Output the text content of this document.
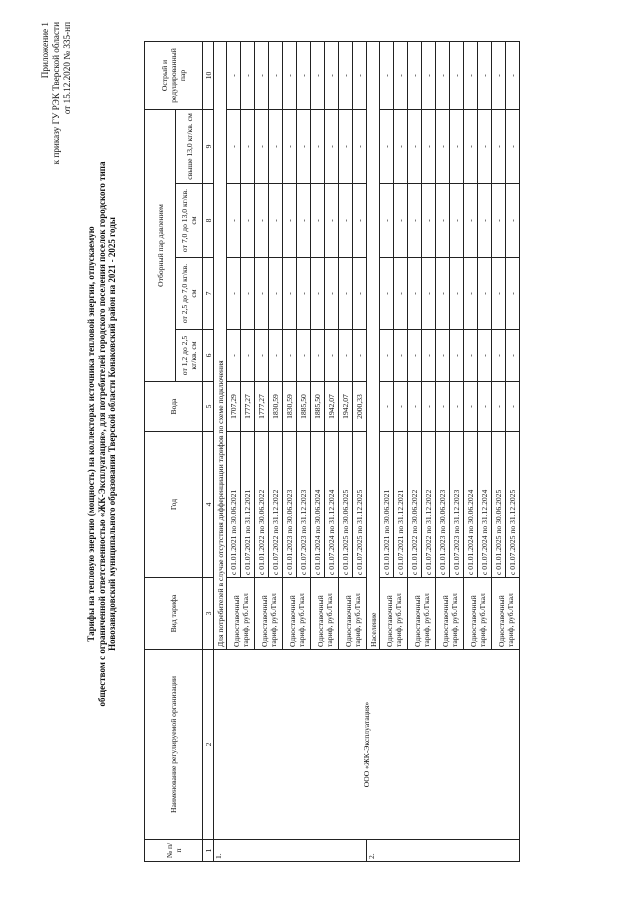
Приложение 1 к приказу ГУ РЭК Тверской области от 15.12.2020 № 335-нп
Тарифы на тепловую энергию (мощность) на коллекторах источника тепловой энергии, отпускаемую обществом с ограниченной ответственностью «ЖК-Эксплуатация», для потребителей городского поселения поселок городского типа Новозавидовский муниципального образования Тверской области Конаковский район на 2021 - 2025 годы
№ п/п	Наименование регулируемой организации	Вид тарифа	Год	Вода	Отборный пар давлением				Острый и редуцированный пар
					от 1,2 до 2,5 кг/кв. см	от 2,5 до 7,0 кг/кв. см	от 7,0 до 13,0 кг/кв. см	свыше 13,0 кг/кв. см	
1	2	3	4	5	6	7	8	9	10
1.	ООО «ЖК-Эксплуатация»	Для потребителей в случае отсутствия дифференциации тарифов по схеме подключения							
		Одноставочный тариф, руб./Гкал	с 01.01.2021 по 30.06.2021	1707,29	-	-	-	-	-
			с 01.07.2021 по 31.12.2021	1777,27	-	-	-	-	-
		Одноставочный тариф, руб./Гкал	с 01.01.2022 по 30.06.2022	1777,27	-	-	-	-	-
			с 01.07.2022 по 31.12.2022	1830,59	-	-	-	-	-
		Одноставочный тариф, руб./Гкал	с 01.01.2023 по 30.06.2023	1830,59	-	-	-	-	-
			с 01.07.2023 по 31.12.2023	1885,50	-	-	-	-	-
		Одноставочный тариф, руб./Гкал	с 01.01.2024 по 30.06.2024	1885,50	-	-	-	-	-
			с 01.07.2024 по 31.12.2024	1942,07	-	-	-	-	-
		Одноставочный тариф, руб./Гкал	с 01.01.2025 по 30.06.2025	1942,07	-	-	-	-	-
			с 01.07.2025 по 31.12.2025	2000,33	-	-	-	-	-
2.		Население							
		Одноставочный тариф, руб./Гкал	с 01.01.2021 по 30.06.2021	-	-	-	-	-	-
			с 01.07.2021 по 31.12.2021	-	-	-	-	-	-
		Одноставочный тариф, руб./Гкал	с 01.01.2022 по 30.06.2022	-	-	-	-	-	-
			с 01.07.2022 по 31.12.2022	-	-	-	-	-	-
		Одноставочный тариф, руб./Гкал	с 01.01.2023 по 30.06.2023	-	-	-	-	-	-
			с 01.07.2023 по 31.12.2023	-	-	-	-	-	-
		Одноставочный тариф, руб./Гкал	с 01.01.2024 по 30.06.2024	-	-	-	-	-	-
			с 01.07.2024 по 31.12.2024	-	-	-	-	-	-
		Одноставочный тариф, руб./Гкал	с 01.01.2025 по 30.06.2025	-	-	-	-	-	-
			с 01.07.2025 по 31.12.2025	-	-	-	-	-	-
